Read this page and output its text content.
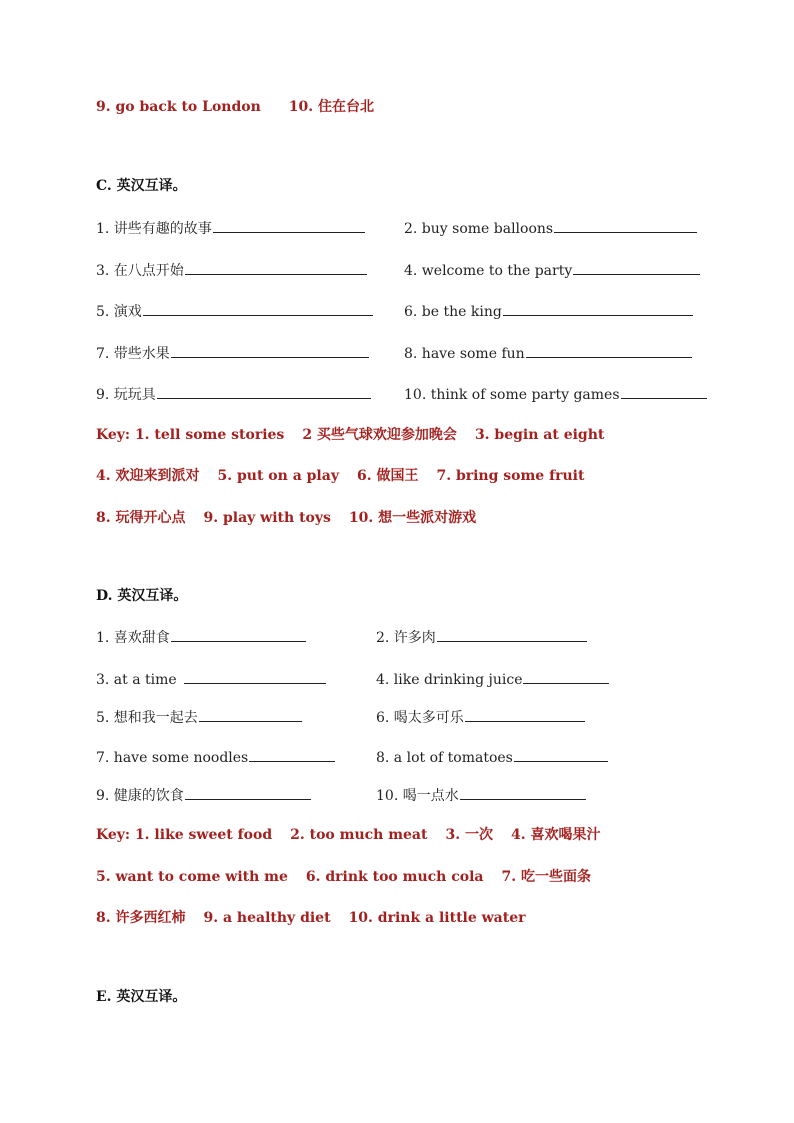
9. go back to London 10. 住在台北
C. 英汉互译。
1. 讲些有趣的故事	2. buy some balloons
3. 在八点开始	4. welcome to the party
5. 演戏	6. be the king
7. 带些水果	8. have some fun
9. 玩玩具	10. think of some party games
Key: 1. tell some stories 2 买些气球欢迎参加晚会 3. begin at eight
4. 欢迎来到派对 5. put on a play 6. 做国王 7. bring some fruit
8. 玩得开心点 9. play with toys 10. 想一些派对游戏
D. 英汉互译。
1. 喜欢甜食	2. 许多肉
3. at a time	4. like drinking juice
5. 想和我一起去	6. 喝太多可乐
7. have some noodles	8. a lot of tomatoes
9. 健康的饮食	10. 喝一点水
Key: 1. like sweet food 2. too much meat 3. 一次 4. 喜欢喝果汁
5. want to come with me 6. drink too much cola 7. 吃一些面条
8. 许多西红柿 9. a healthy diet 10. drink a little water
E. 英汉互译。
